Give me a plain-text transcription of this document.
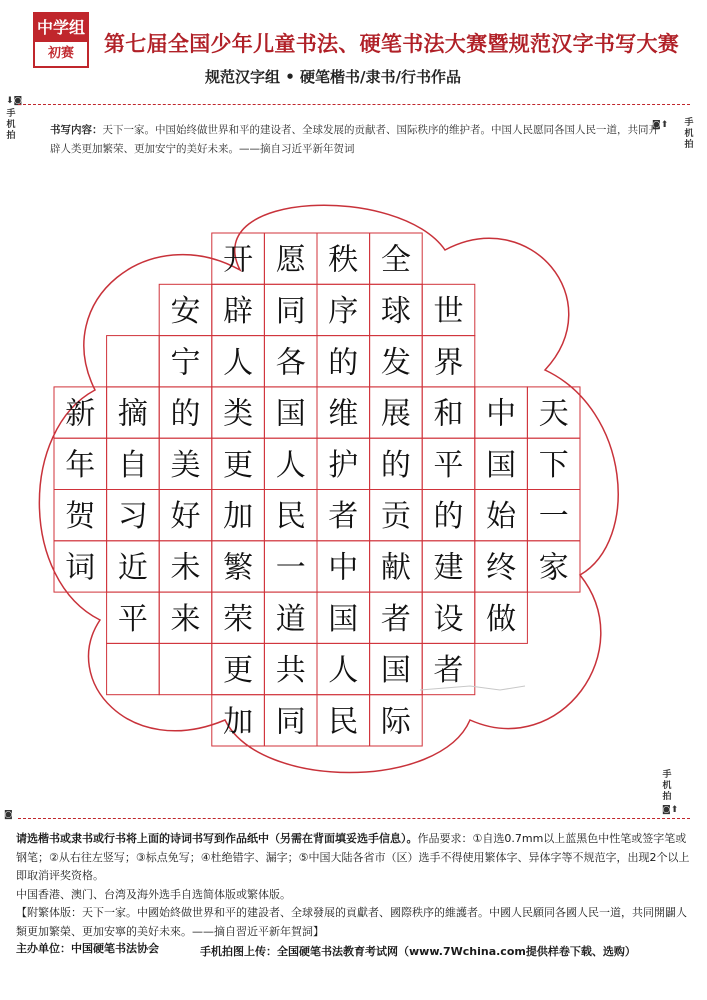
中学组
初赛	第七届全国少年儿童书法、硬笔书法大赛暨规范汉字书写大赛
规范汉字组 • 硬笔楷书/隶书/行书作品
⬇◙
手机拍
◙⬆ 手机拍
手机拍
◙⬆
◙
书写内容：天下一家。中国始终做世界和平的建设者、全球发展的贡献者、国际秩序的维护者。中国人民愿同各国人民一道，共同开辟人类更加繁荣、更加安宁的美好未来。——摘自习近平新年贺词
天
下
一
家
中
国
始
终
做
世
界
和
平
的
建
设
者
全
球
发
展
的
贡
献
者
国
际
秩
序
的
维
护
者
中
国
人
民
愿
同
各
国
人
民
一
道
共
同
开
辟
人
类
更
加
繁
荣
更
加
安
宁
的
美
好
未
来
摘
自
习
近
平
新
年
贺
词
请选楷书或隶书或行书将上面的诗词书写到作品纸中（另需在背面填妥选手信息）。作品要求：①自选0.7mm以上蓝黑色中性笔或签字笔或钢笔；②从右往左竖写；③标点免写；④杜绝错字、漏字；⑤中国大陆各省市（区）选手不得使用繁体字、异体字等不规范字，出现2个以上即取消评奖资格。
中国香港、澳门、台湾及海外选手自选简体版或繁体版。
【附繁体版：天下一家。中國始終做世界和平的建設者、全球發展的貢獻者、國際秩序的維護者。中國人民願同各國人民一道，共同開闢人類更加繁榮、更加安寧的美好未來。——摘自習近平新年賀詞】
主办单位：中国硬笔书法协会	手机拍图上传：全国硬笔书法教育考试网（www.7Wchina.com提供样卷下载、选购）
